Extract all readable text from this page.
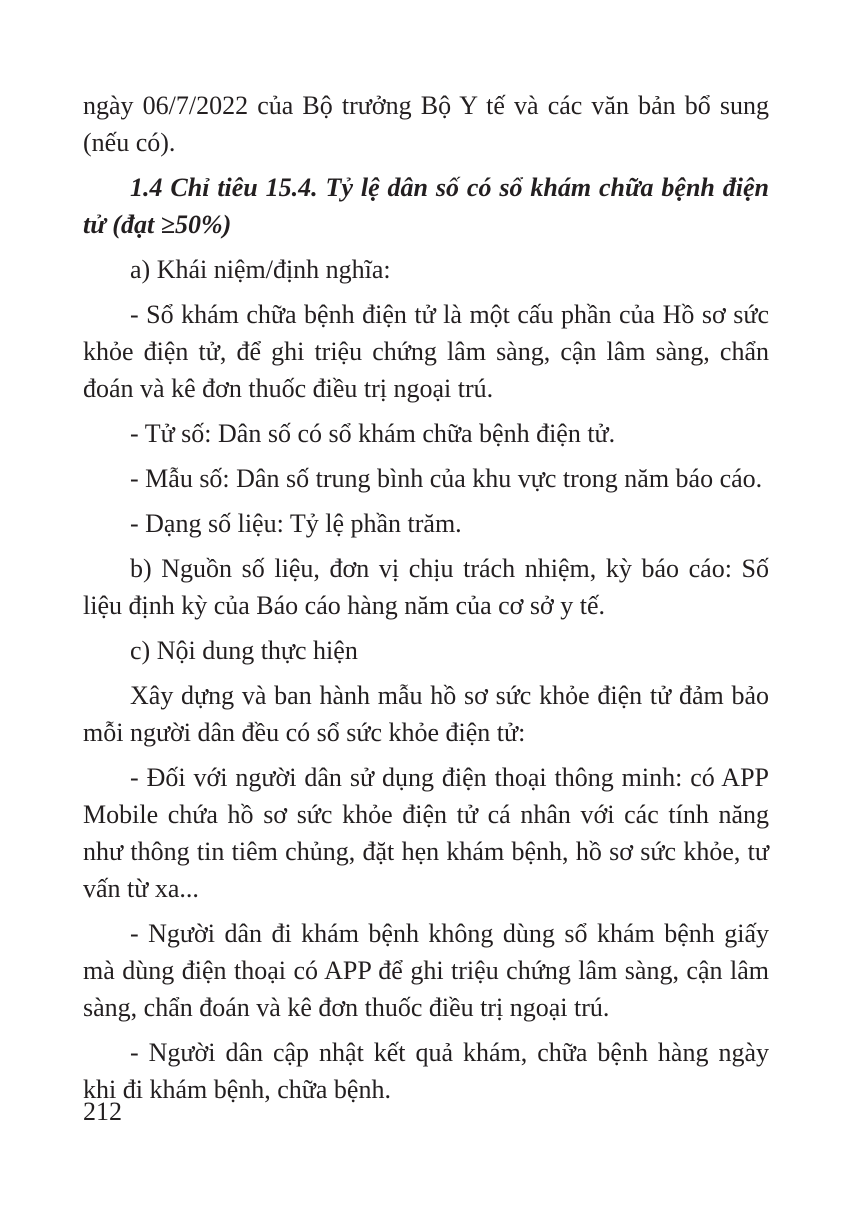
ngày 06/7/2022 của Bộ trưởng Bộ Y tế và các văn bản bổ sung (nếu có).

1.4 Chỉ tiêu 15.4. Tỷ lệ dân số có sổ khám chữa bệnh điện tử (đạt ≥50%)

a) Khái niệm/định nghĩa:

- Sổ khám chữa bệnh điện tử là một cấu phần của Hồ sơ sức khỏe điện tử, để ghi triệu chứng lâm sàng, cận lâm sàng, chẩn đoán và kê đơn thuốc điều trị ngoại trú.

- Tử số: Dân số có sổ khám chữa bệnh điện tử.

- Mẫu số: Dân số trung bình của khu vực trong năm báo cáo.

- Dạng số liệu: Tỷ lệ phần trăm.

b) Nguồn số liệu, đơn vị chịu trách nhiệm, kỳ báo cáo: Số liệu định kỳ của Báo cáo hàng năm của cơ sở y tế.

c) Nội dung thực hiện

Xây dựng và ban hành mẫu hồ sơ sức khỏe điện tử đảm bảo mỗi người dân đều có sổ sức khỏe điện tử:

- Đối với người dân sử dụng điện thoại thông minh: có APP Mobile chứa hồ sơ sức khỏe điện tử cá nhân với các tính năng như thông tin tiêm chủng, đặt hẹn khám bệnh, hồ sơ sức khỏe, tư vấn từ xa...

- Người dân đi khám bệnh không dùng sổ khám bệnh giấy mà dùng điện thoại có APP để ghi triệu chứng lâm sàng, cận lâm sàng, chẩn đoán và kê đơn thuốc điều trị ngoại trú.

- Người dân cập nhật kết quả khám, chữa bệnh hàng ngày khi đi khám bệnh, chữa bệnh.

212
